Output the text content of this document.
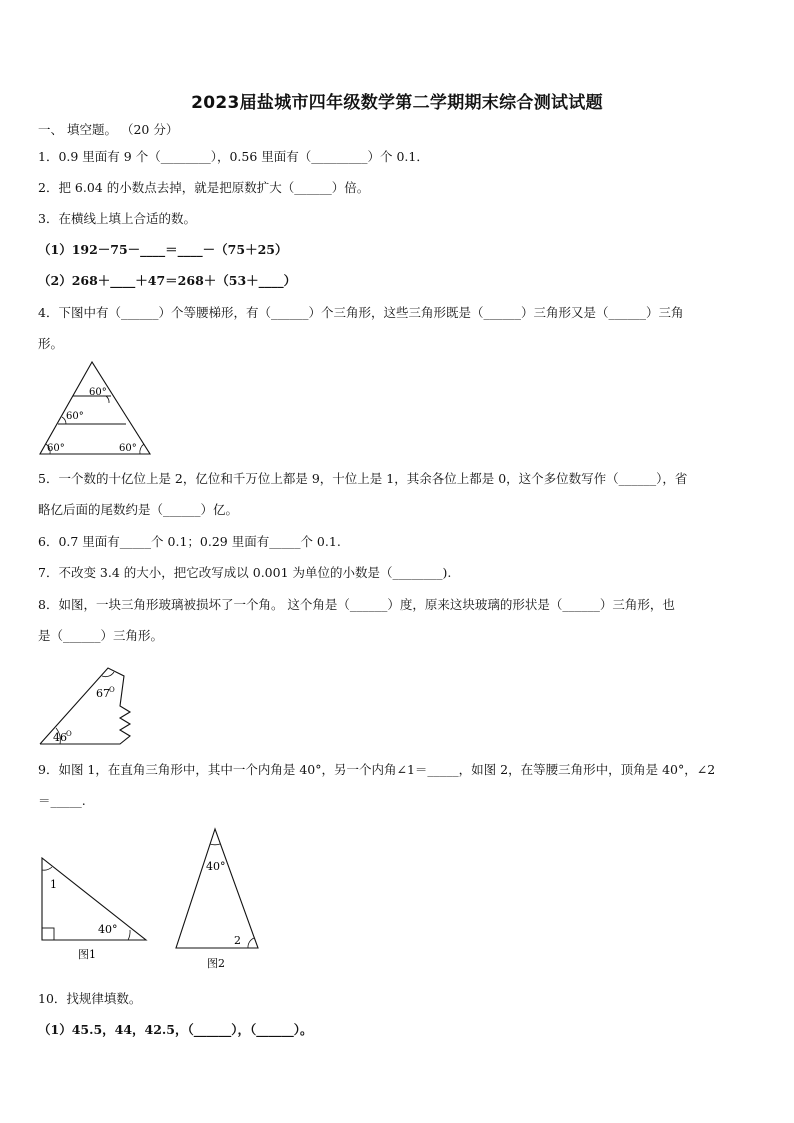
2023届盐城市四年级数学第二学期期末综合测试试题
一、 填空题。 （20 分）
1．0.9 里面有 9 个（________），0.56 里面有（_________）个 0.1．
2．把 6.04 的小数点去掉，就是把原数扩大（______）倍。
3．在横线上填上合适的数。
（1）192－75－____＝____－（75＋25）
（2）268＋____＋47＝268＋（53＋____）
4．下图中有（______）个等腰梯形，有（______）个三角形，这些三角形既是（______）三角形又是（______）三角
形。
60°
60°
60°	60°
5．一个数的十亿位上是 2，亿位和千万位上都是 9，十位上是 1，其余各位上都是 0，这个多位数写作（______），省
略亿后面的尾数约是（______）亿。
6．0.7 里面有_____个 0.1；0.29 里面有_____个 0.1.
7．不改变 3.4 的大小，把它改写成以 0.001 为单位的小数是（________).
8．如图，一块三角形玻璃被损坏了一个角。 这个角是（______）度，原来这块玻璃的形状是（______）三角形，也
是（______）三角形。
67 O
46 O
9．如图 1，在直角三角形中，其中一个内角是 40°，另一个内角∠1＝_____，如图 2，在等腰三角形中，顶角是 40°，∠2
＝_____.
1
40°
图1
40°
2
图2
10．找规律填数。
（1）45.5，44，42.5，（______），（______）。
